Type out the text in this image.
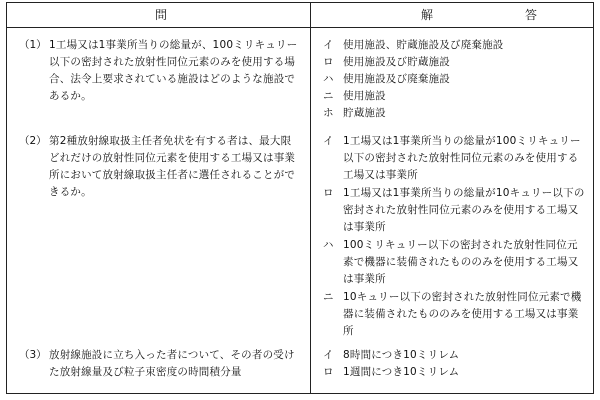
問	解	答
（1） 1工場又は1事業所当りの総量が、100ミリキュリー以下の密封された放射性同位元素のみを使用する場合、法令上要求されている施設はどのような施設であるか。
イ 使用施設、貯蔵施設及び廃棄施設
ロ 使用施設及び貯蔵施設
ハ 使用施設及び廃棄施設
ニ 使用施設
ホ 貯蔵施設
（2） 第2種放射線取扱主任者免状を有する者は、最大限どれだけの放射性同位元素を使用する工場又は事業所において放射線取扱主任者に選任されることができるか。
イ 1工場又は1事業所当りの総量が100ミリキュリー以下の密封された放射性同位元素のみを使用する工場又は事業所
ロ 1工場又は1事業所当りの総量が10キュリー以下の密封された放射性同位元素のみを使用する工場又は事業所
ハ 100ミリキュリー以下の密封された放射性同位元素で機器に装備されたもののみを使用する工場又は事業所
ニ 10キュリー以下の密封された放射性同位元素で機器に装備されたもののみを使用する工場又は事業所
（3） 放射線施設に立ち入った者について、その者の受けた放射線量及び粒子束密度の時間積分量
イ 8時間につき10ミリレム
ロ 1週間につき10ミリレム
